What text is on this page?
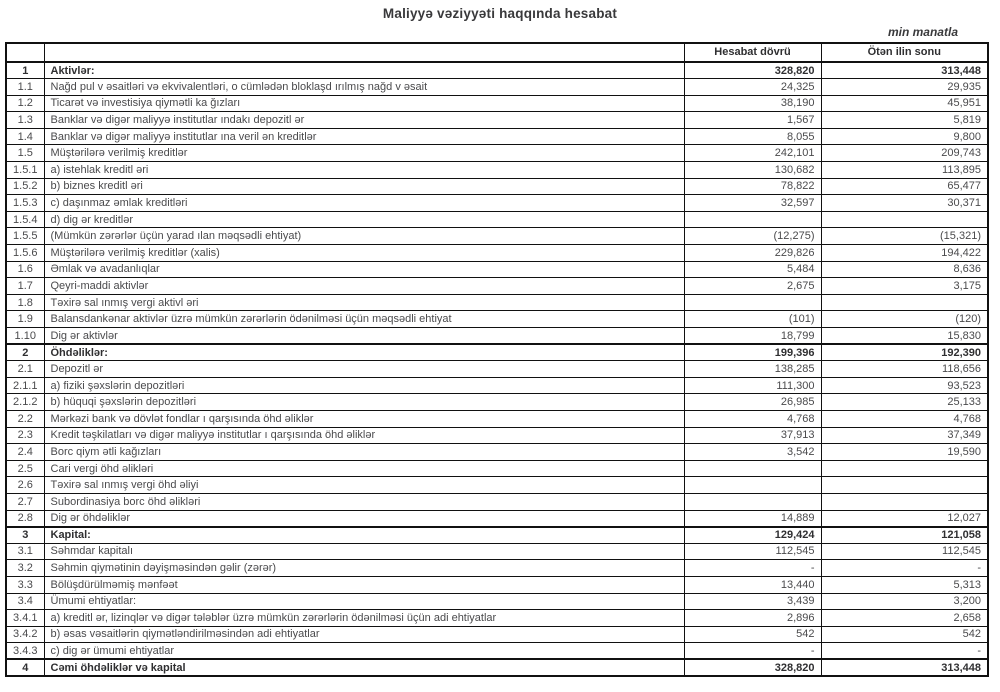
Maliyyə vəziyyəti haqqında hesabat
min manatla
		Hesabat dövrü	Ötən ilin sonu
1	Aktivlər:	328,820	313,448
1.1	Nağd pul v əsaitləri və ekvivalentləri, o cümlədən bloklaşd ırılmış nağd v əsait	24,325	29,935
1.2	Ticarət və investisiya qiymətli ka ğızları	38,190	45,951
1.3	Banklar və digər maliyyə institutlar ındakı depozitl ər	1,567	5,819
1.4	Banklar və digər maliyyə institutlar ına veril ən kreditlər	8,055	9,800
1.5	Müştərilərə verilmiş kreditlər	242,101	209,743
1.5.1	a) istehlak kreditl əri	130,682	113,895
1.5.2	b) biznes kreditl əri	78,822	65,477
1.5.3	c) daşınmaz əmlak kreditləri	32,597	30,371
1.5.4	d) dig ər kreditlər		
1.5.5	(Mümkün zərərlər üçün yarad ılan məqsədli ehtiyat)	(12,275)	(15,321)
1.5.6	Müştərilərə verilmiş kreditlər (xalis)	229,826	194,422
1.6	Əmlak və avadanlıqlar	5,484	8,636
1.7	Qeyri-maddi aktivlər	2,675	3,175
1.8	Təxirə sal ınmış vergi aktivl əri		
1.9	Balansdankənar aktivlər üzrə mümkün zərərlərin ödənilməsi üçün məqsədli ehtiyat	(101)	(120)
1.10	Dig ər aktivlər	18,799	15,830
2	Öhdəliklər:	199,396	192,390
2.1	Depozitl ər	138,285	118,656
2.1.1	a) fiziki şəxslərin depozitləri	111,300	93,523
2.1.2	b) hüquqi şəxslərin depozitləri	26,985	25,133
2.2	Mərkəzi bank və dövlət fondlar ı qarşısında öhd əliklər	4,768	4,768
2.3	Kredit təşkilatları və digər maliyyə institutlar ı qarşısında öhd əliklər	37,913	37,349
2.4	Borc qiym ətli kağızları	3,542	19,590
2.5	Cari vergi öhd əlikləri		
2.6	Təxirə sal ınmış vergi öhd əliyi		
2.7	Subordinasiya borc öhd əlikləri		
2.8	Dig ər öhdəliklər	14,889	12,027
3	Kapital:	129,424	121,058
3.1	Səhmdar kapitalı	112,545	112,545
3.2	Səhmin qiymətinin dəyişməsindən gəlir (zərər)	-	-
3.3	Bölüşdürülməmiş mənfəət	13,440	5,313
3.4	Ümumi ehtiyatlar:	3,439	3,200
3.4.1	a) kreditl ər, lizinqlər və digər tələblər üzrə mümkün zərərlərin ödənilməsi üçün adi ehtiyatlar	2,896	2,658
3.4.2	b) əsas vəsaitlərin qiymətləndirilməsindən adi ehtiyatlar	542	542
3.4.3	c) dig ər ümumi ehtiyatlar	-	-
4	Cəmi öhdəliklər və kapital	328,820	313,448
